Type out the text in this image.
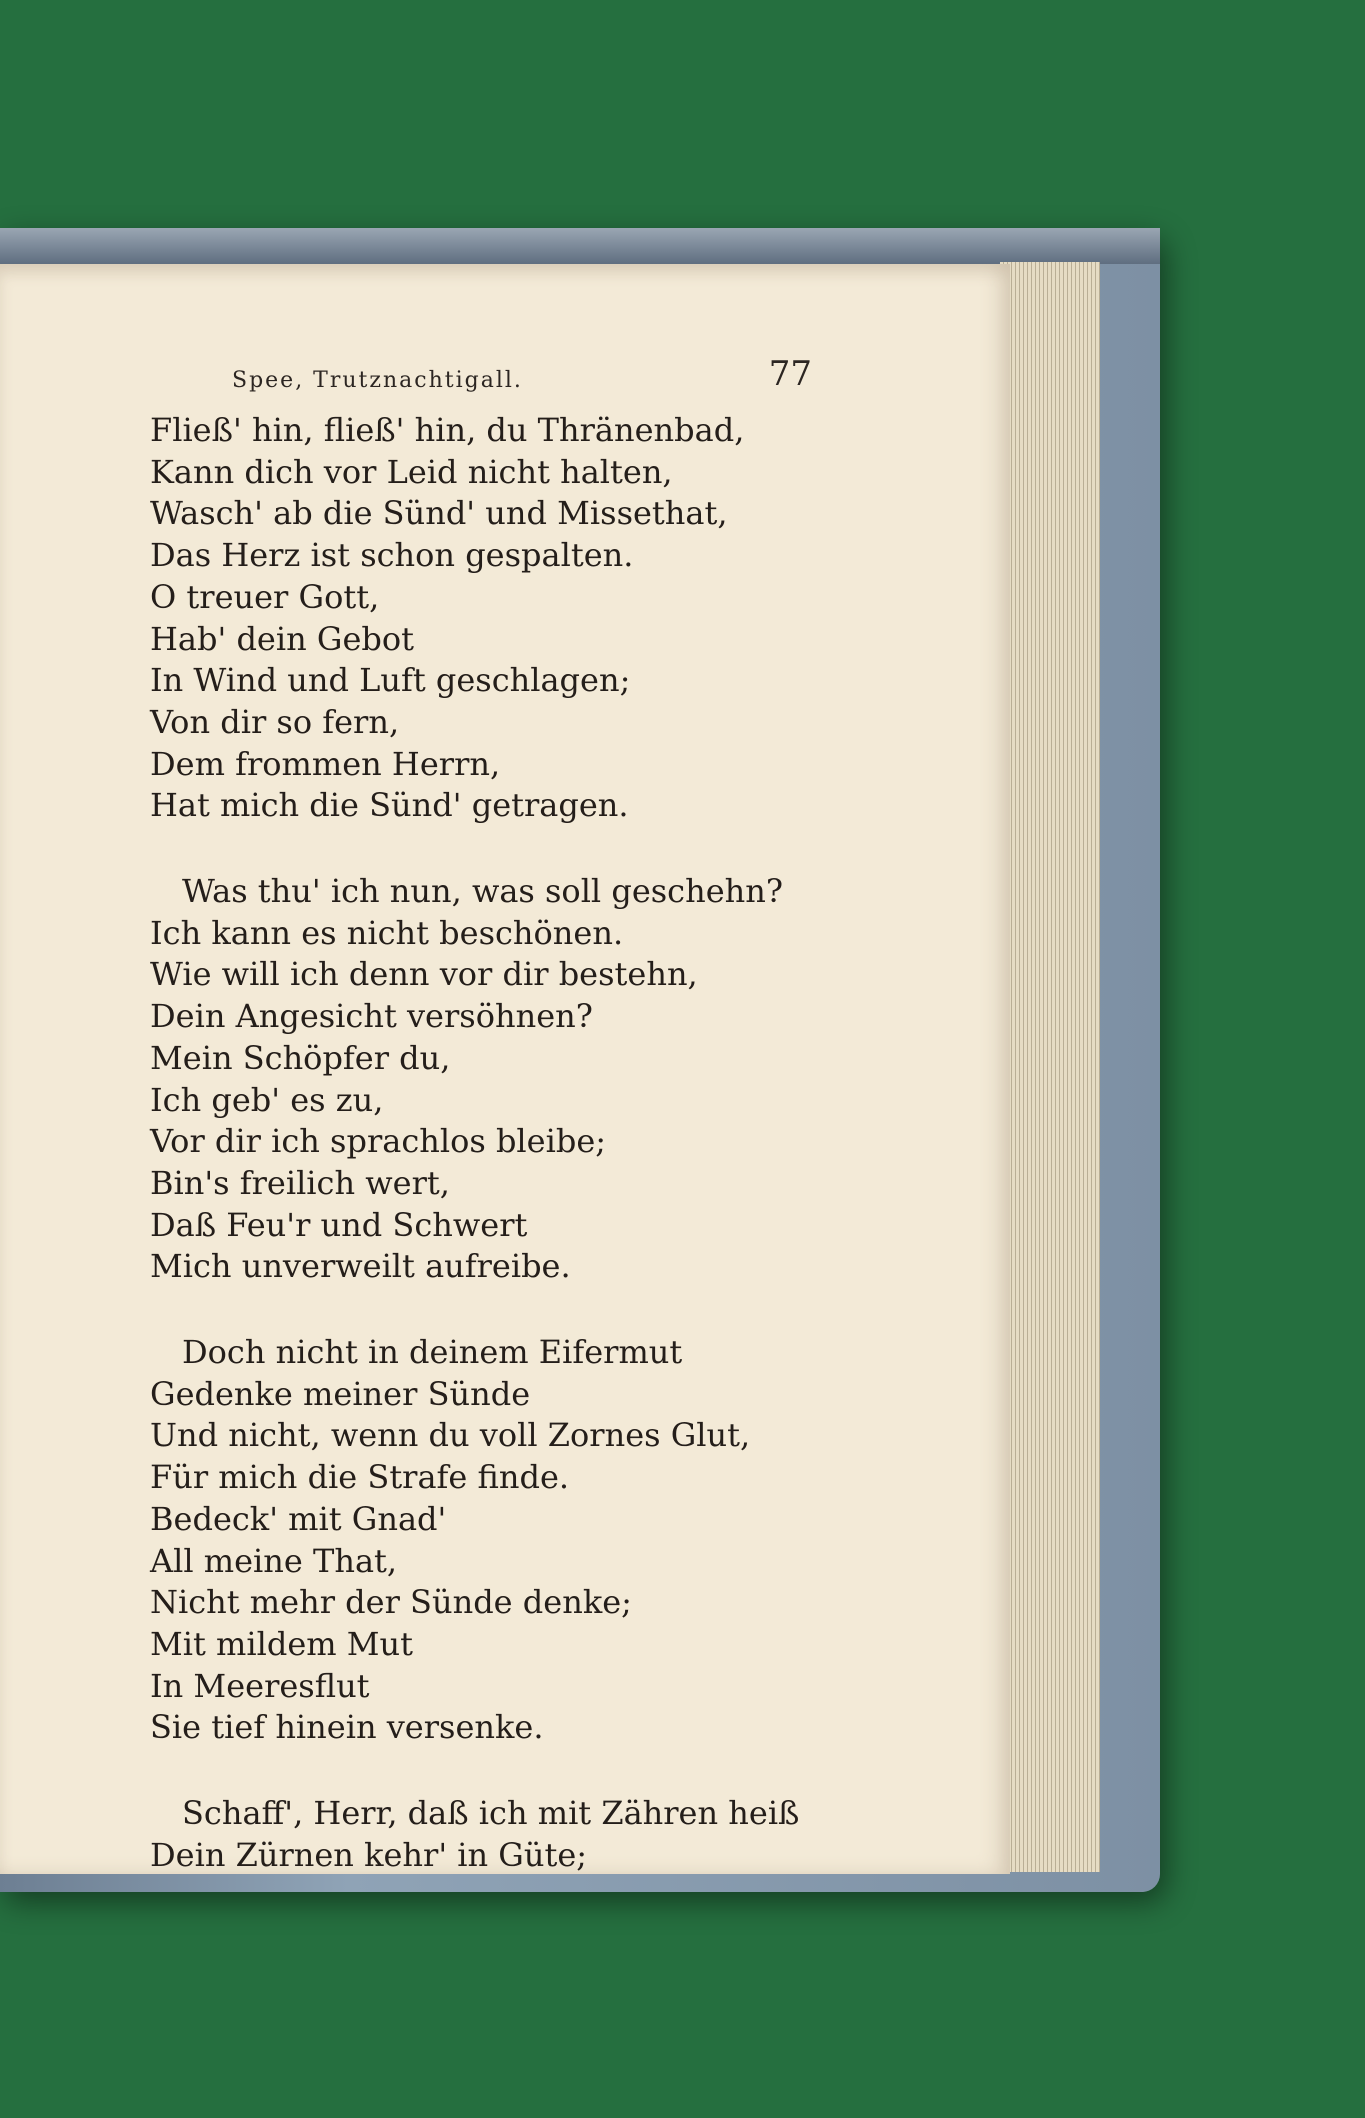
Spee, Trutznachtigall.	77
Fließ' hin, fließ' hin, du Thränenbad,
Kann dich vor Leid nicht halten,
Wasch' ab die Sünd' und Missethat,
Das Herz ist schon gespalten.
O treuer Gott,
Hab' dein Gebot
In Wind und Luft geschlagen;
Von dir so fern,
Dem frommen Herrn,
Hat mich die Sünd' getragen.
Was thu' ich nun, was soll geschehn?
Ich kann es nicht beschönen.
Wie will ich denn vor dir bestehn,
Dein Angesicht versöhnen?
Mein Schöpfer du,
Ich geb' es zu,
Vor dir ich sprachlos bleibe;
Bin's freilich wert,
Daß Feu'r und Schwert
Mich unverweilt aufreibe.
Doch nicht in deinem Eifermut
Gedenke meiner Sünde
Und nicht, wenn du voll Zornes Glut,
Für mich die Strafe finde.
Bedeck' mit Gnad'
All meine That,
Nicht mehr der Sünde denke;
Mit mildem Mut
In Meeresflut
Sie tief hinein versenke.
Schaff', Herr, daß ich mit Zähren heiß
Dein Zürnen kehr' in Güte;
